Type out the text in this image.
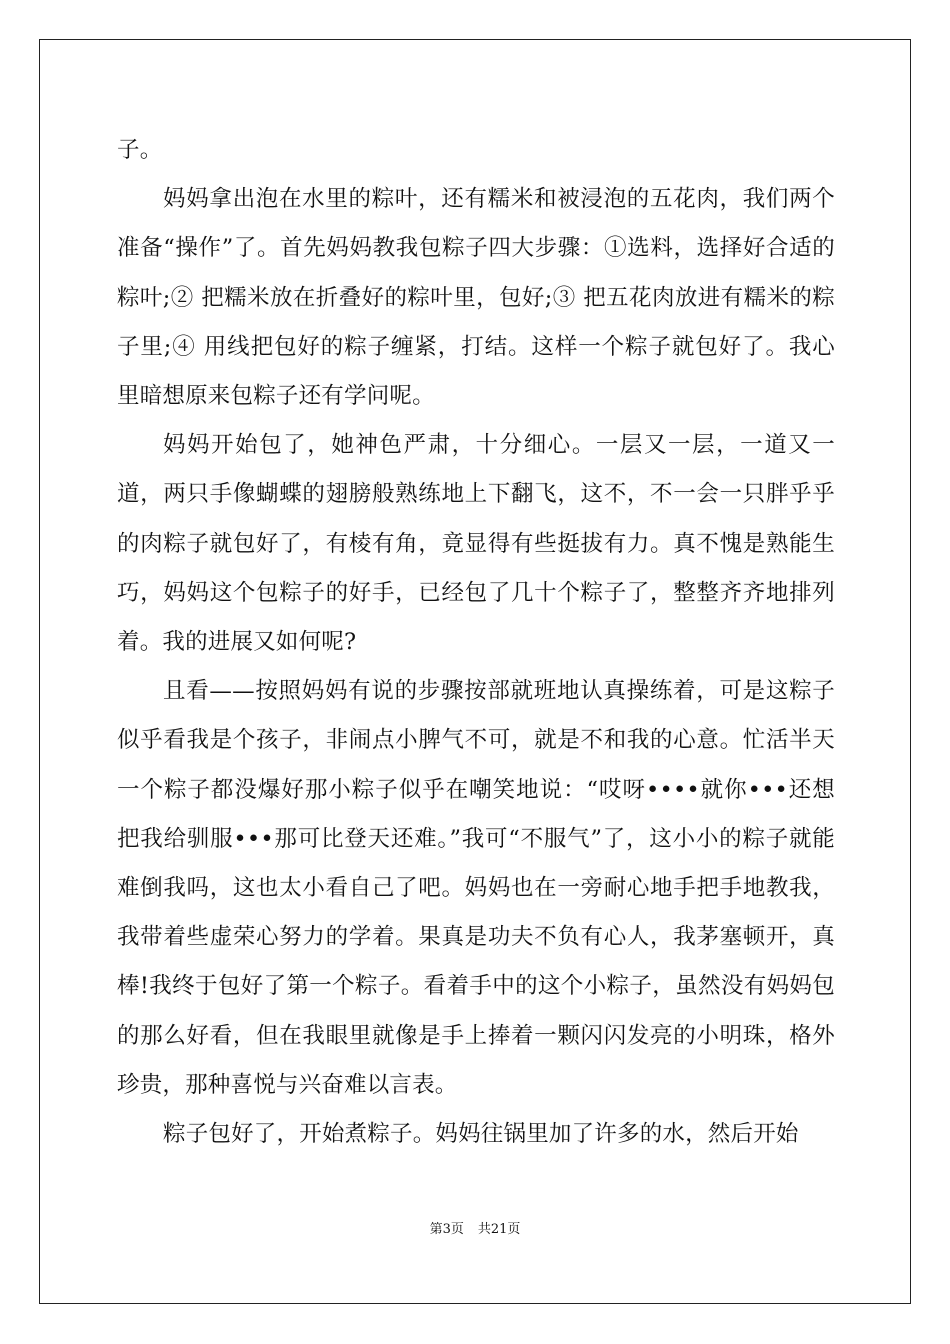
子。

妈妈拿出泡在水里的粽叶，还有糯米和被浸泡的五花肉，我们两个准备“操作”了。首先妈妈教我包粽子四大步骤：①选料，选择好合适的粽叶;② 把糯米放在折叠好的粽叶里，包好;③ 把五花肉放进有糯米的粽子里;④ 用线把包好的粽子缠紧，打结。这样一个粽子就包好了。我心里暗想原来包粽子还有学问呢。

妈妈开始包了，她神色严肃，十分细心。一层又一层，一道又一道，两只手像蝴蝶的翅膀般熟练地上下翻飞，这不，不一会一只胖乎乎的肉粽子就包好了，有棱有角，竟显得有些挺拔有力。真不愧是熟能生巧，妈妈这个包粽子的好手，已经包了几十个粽子了，整整齐齐地排列着。我的进展又如何呢?

且看——按照妈妈有说的步骤按部就班地认真操练着，可是这粽子似乎看我是个孩子，非闹点小脾气不可，就是不和我的心意。忙活半天一个粽子都没爆好那小粽子似乎在嘲笑地说：“哎呀••••就你•••还想把我给驯服•••那可比登天还难。”我可“不服气”了，这小小的粽子就能难倒我吗，这也太小看自己了吧。妈妈也在一旁耐心地手把手地教我，我带着些虚荣心努力的学着。果真是功夫不负有心人，我茅塞顿开，真棒!我终于包好了第一个粽子。看着手中的这个小粽子，虽然没有妈妈包的那么好看，但在我眼里就像是手上捧着一颗闪闪发亮的小明珠，格外珍贵，那种喜悦与兴奋难以言表。

粽子包好了，开始煮粽子。妈妈往锅里加了许多的水，然后开始

第3页 共21页
